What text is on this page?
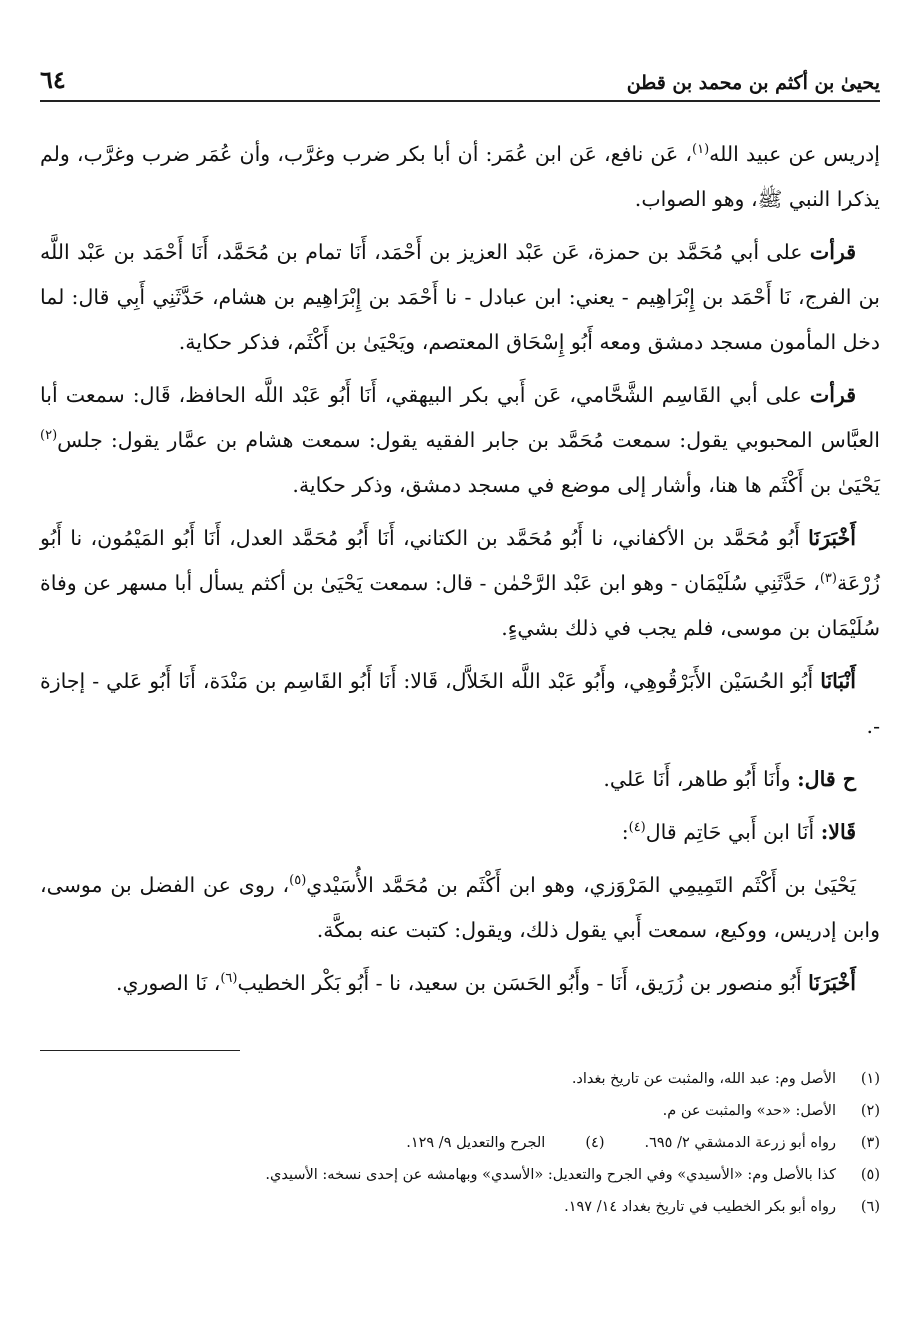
يحيىٰ بن أكثم بن محمد بن قطن
٦٤

إدريس عن عبيد الله$^{(١)}$، عَن نافع، عَن ابن عُمَر: أن أبا بكر ضرب وغرَّب، وأن عُمَر ضرب وغرَّب، ولم يذكرا النبي ﷺ، وهو الصواب.

قرأت على أبي مُحَمَّد بن حمزة، عَن عَبْد العزيز بن أَحْمَد، أَنَا تمام بن مُحَمَّد، أَنَا أَحْمَد بن عَبْد اللَّه بن الفرج، نَا أَحْمَد بن إِبْرَاهِيم - يعني: ابن عبادل - نا أَحْمَد بن إِبْرَاهِيم بن هشام، حَدَّثَنِي أَبِي قال: لما دخل المأمون مسجد دمشق ومعه أَبُو إِسْحَاق المعتصم، ويَحْيَىٰ بن أَكْثَم، فذكر حكاية.

قرأت على أبي القَاسِم الشَّحَّامي، عَن أَبي بكر البيهقي، أَنَا أَبُو عَبْد اللَّه الحافظ، قَال: سمعت أبا العبَّاس المحبوبي يقول: سمعت مُحَمَّد بن جابر الفقيه يقول: سمعت هشام بن عمَّار يقول: جلس$^{(٢)}$ يَحْيَىٰ بن أَكْثَم ها هنا، وأشار إلى موضع في مسجد دمشق، وذكر حكاية.

أَخْبَرَنَا أَبُو مُحَمَّد بن الأكفاني، نا أَبُو مُحَمَّد بن الكتاني، أَنَا أَبُو مُحَمَّد العدل، أَنَا أَبُو المَيْمُون، نا أَبُو زُرْعَة$^{(٣)}$، حَدَّثَنِي سُلَيْمَان - وهو ابن عَبْد الرَّحْمٰن - قال: سمعت يَحْيَىٰ بن أكثم يسأل أبا مسهر عن وفاة سُلَيْمَان بن موسى، فلم يجب في ذلك بشيءٍ.

أَنْبَانَا أَبُو الحُسَيْن الأَبَرْقُوهِي، وأَبُو عَبْد اللَّه الخَلاَّل، قَالا: أَنَا أَبُو القَاسِم بن مَنْدَة، أَنَا أَبُو عَلي - إجازة -.

ح قال: وأَنَا أَبُو طاهر، أَنَا عَلي.

قَالا: أَنَا ابن أَبي حَاتِم قال$^{(٤)}$:

يَحْيَىٰ بن أَكْثَم التَمِيمِي المَرْوَزي، وهو ابن أَكْثَم بن مُحَمَّد الأُسَيْدي$^{(٥)}$، روى عن الفضل بن موسى، وابن إدريس، ووكيع، سمعت أَبي يقول ذلك، ويقول: كتبت عنه بمكَّة.

أَخْبَرَنَا أَبُو منصور بن زُرَيق، أَنَا - وأَبُو الحَسَن بن سعيد، نا - أَبُو بَكْر الخطيب$^{(٦)}$، نَا الصوري.

(١)
الأصل وم: عبد الله، والمثبت عن تاريخ بغداد.
(٢)
الأصل: «حد» والمثبت عن م.
(٣)
رواه أبو زرعة الدمشقي ٢/ ٦٩٥.
(٤)
الجرح والتعديل ٩/ ١٢٩.
(٥)
كذا بالأصل وم: «الأسيدي» وفي الجرح والتعديل: «الأسدي» وبهامشه عن إحدى نسخه: الأسيدي.
(٦)
رواه أبو بكر الخطيب في تاريخ بغداد ١٤/ ١٩٧.
